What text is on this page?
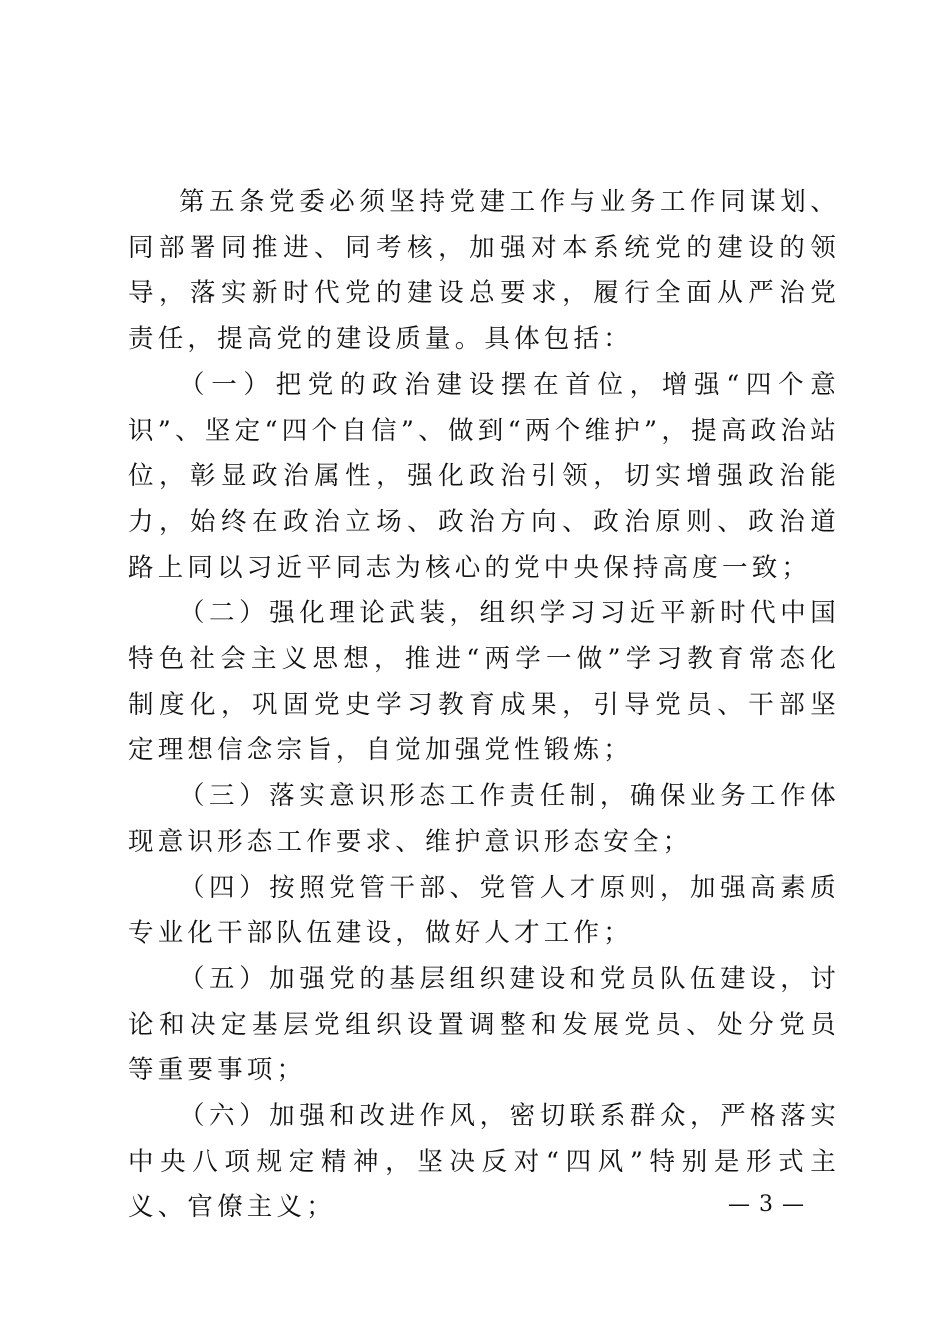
第五条党委必须坚持党建工作与业务工作同谋划、同部署同推进、同考核，加强对本系统党的建设的领导，落实新时代党的建设总要求，履行全面从严治党责任，提高党的建设质量。具体包括：

（一）把党的政治建设摆在首位，增强“四个意识”、坚定“四个自信”、做到“两个维护”，提高政治站位，彰显政治属性，强化政治引领，切实增强政治能力，始终在政治立场、政治方向、政治原则、政治道路上同以习近平同志为核心的党中央保持高度一致；

（二）强化理论武装，组织学习习近平新时代中国特色社会主义思想，推进“两学一做”学习教育常态化制度化，巩固党史学习教育成果，引导党员、干部坚定理想信念宗旨，自觉加强党性锻炼；

（三）落实意识形态工作责任制，确保业务工作体现意识形态工作要求、维护意识形态安全；

（四）按照党管干部、党管人才原则，加强高素质专业化干部队伍建设，做好人才工作；

（五）加强党的基层组织建设和党员队伍建设，讨论和决定基层党组织设置调整和发展党员、处分党员等重要事项；

（六）加强和改进作风，密切联系群众，严格落实中央八项规定精神，坚决反对“四风”特别是形式主义、官僚主义；	— 3 —
